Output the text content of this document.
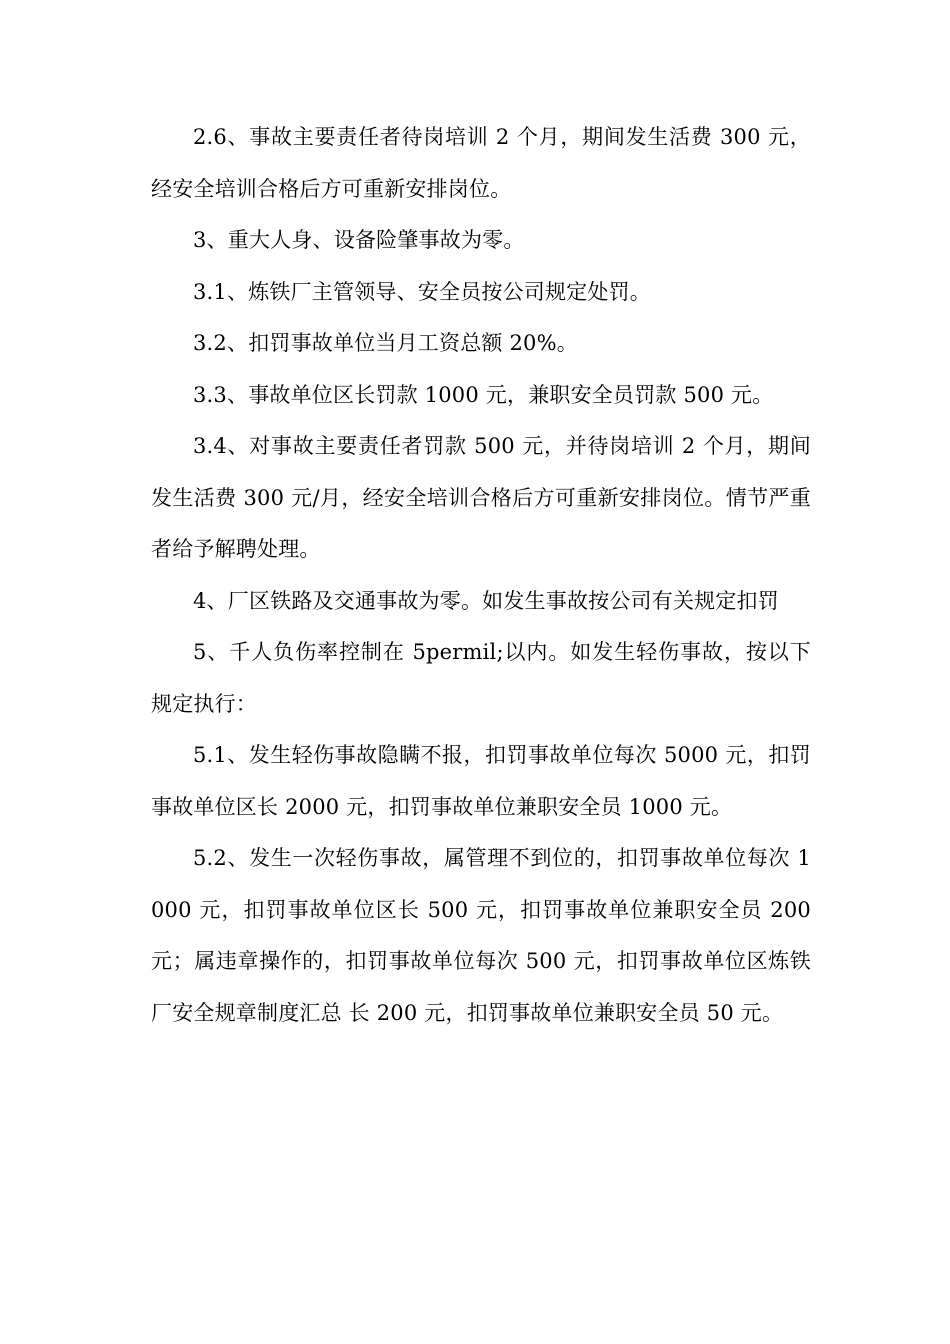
2.6、事故主要责任者待岗培训 2 个月，期间发生活费 300 元，经安全培训合格后方可重新安排岗位。

3、重大人身、设备险肇事故为零。

3.1、炼铁厂主管领导、安全员按公司规定处罚。

3.2、扣罚事故单位当月工资总额 20%。

3.3、事故单位区长罚款 1000 元，兼职安全员罚款 500 元。

3.4、对事故主要责任者罚款 500 元，并待岗培训 2 个月，期间发生活费 300 元/月，经安全培训合格后方可重新安排岗位。情节严重者给予解聘处理。

4、厂区铁路及交通事故为零。如发生事故按公司有关规定扣罚

5、千人负伤率控制在 5permil;以内。如发生轻伤事故，按以下规定执行：

5.1、发生轻伤事故隐瞒不报，扣罚事故单位每次 5000 元，扣罚事故单位区长 2000 元，扣罚事故单位兼职安全员 1000 元。

5.2、发生一次轻伤事故，属管理不到位的，扣罚事故单位每次 1000 元，扣罚事故单位区长 500 元，扣罚事故单位兼职安全员 200 元；属违章操作的，扣罚事故单位每次 500 元，扣罚事故单位区炼铁厂安全规章制度汇总 长 200 元，扣罚事故单位兼职安全员 50 元。
